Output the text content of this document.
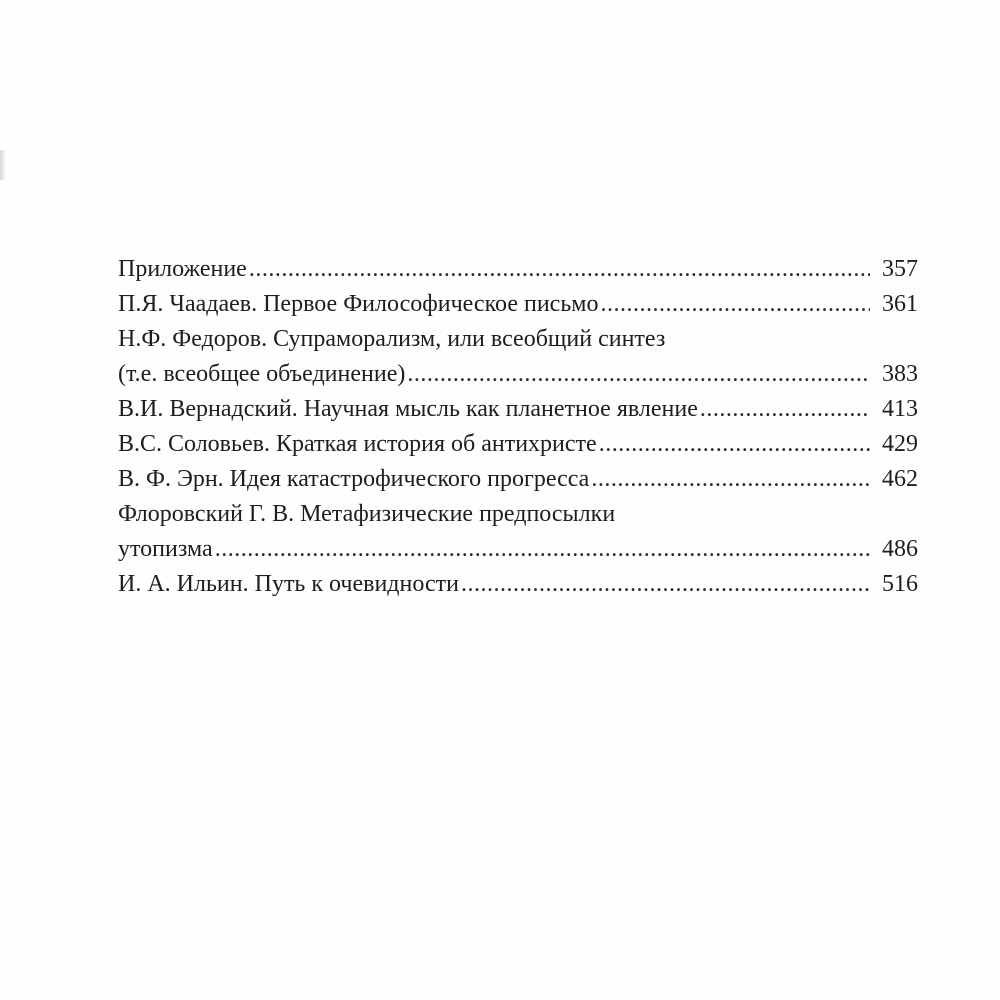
Приложение .....	357
П.Я. Чаадаев. Первое Философическое письмо .....	361
Н.Ф. Федоров. Супраморализм, или всеобщий синтез
(т.е. всеобщее объединение) .....	383
В.И. Вернадский. Научная мысль как планетное явление .....	413
В.С. Соловьев. Краткая история об антихристе .....	429
В. Ф. Эрн. Идея катастрофического прогресса .....	462
Флоровский Г. В. Метафизические предпосылки
утопизма .....	486
И. А. Ильин. Путь к очевидности .....	516
